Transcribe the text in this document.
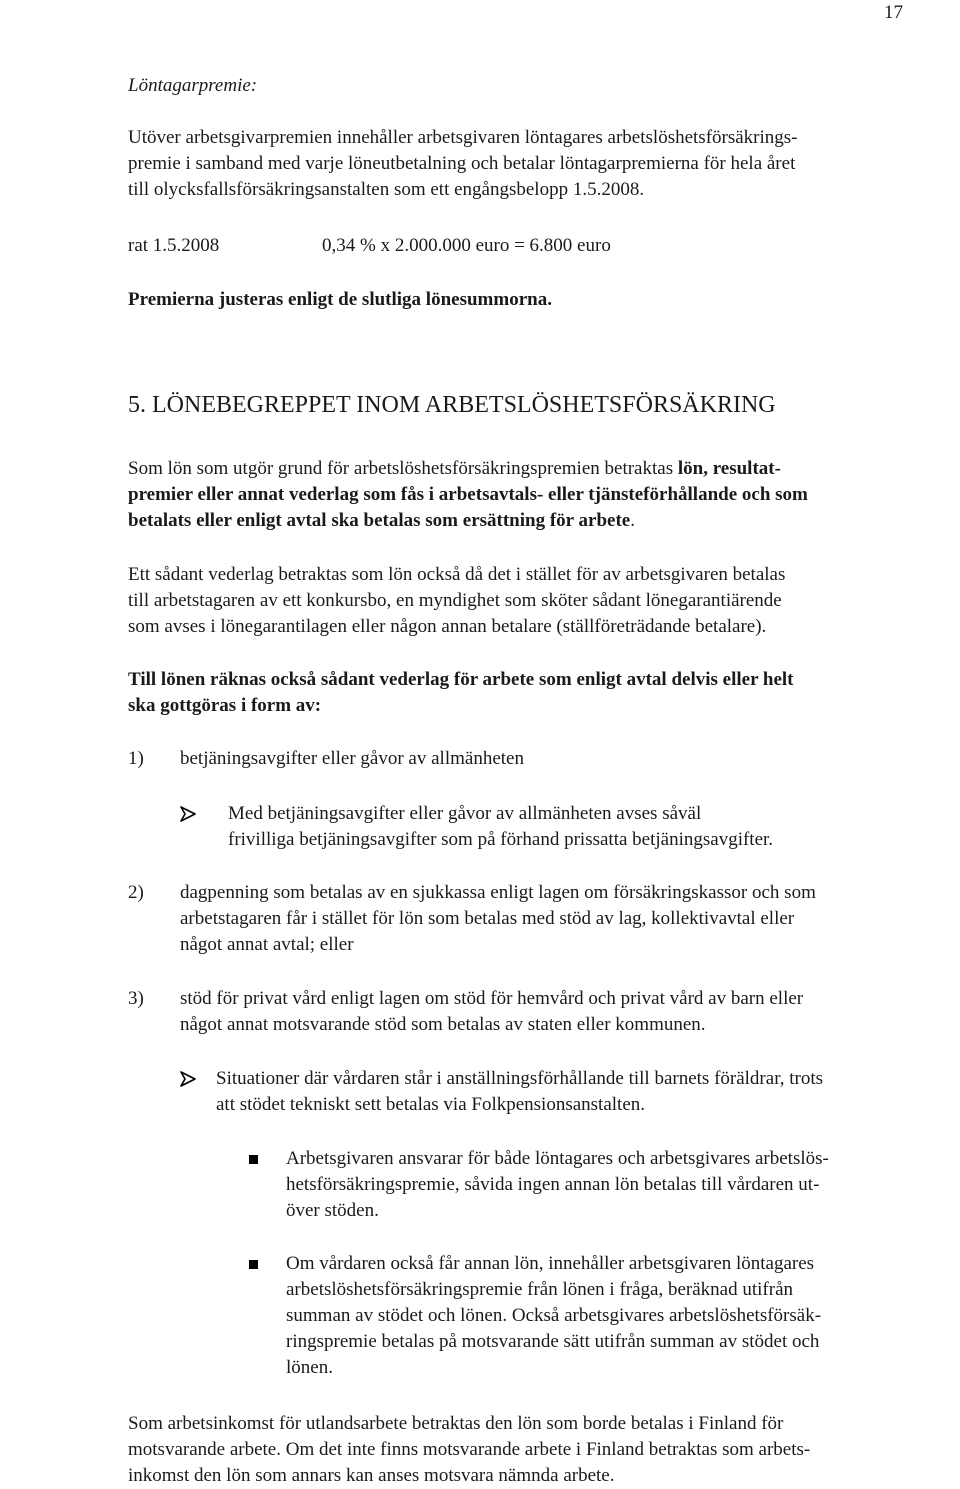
17
Löntagarpremie:
Utöver arbetsgivarpremien innehåller arbetsgivaren löntagares arbetslöshetsförsäkrings-
premie i samband med varje löneutbetalning och betalar löntagarpremierna för hela året
till olycksfallsförsäkringsanstalten som ett engångsbelopp 1.5.2008.
rat 1.5.2008	0,34 % x 2.000.000 euro = 6.800 euro
Premierna justeras enligt de slutliga lönesummorna.
5. LÖNEBEGREPPET INOM ARBETSLÖSHETSFÖRSÄKRING
Som lön som utgör grund för arbetslöshetsförsäkringspremien betraktas lön, resultat-
premier eller annat vederlag som fås i arbetsavtals- eller tjänsteförhållande och som
betalats eller enligt avtal ska betalas som ersättning för arbete.
Ett sådant vederlag betraktas som lön också då det i stället för av arbetsgivaren betalas
till arbetstagaren av ett konkursbo, en myndighet som sköter sådant lönegarantiärende
som avses i lönegarantilagen eller någon annan betalare (ställföreträdande betalare).
Till lönen räknas också sådant vederlag för arbete som enligt avtal delvis eller helt
ska gottgöras i form av:
1) betjäningsavgifter eller gåvor av allmänheten
Med betjäningsavgifter eller gåvor av allmänheten avses såväl
frivilliga betjäningsavgifter som på förhand prissatta betjäningsavgifter.
2) dagpenning som betalas av en sjukkassa enligt lagen om försäkringskassor och som
arbetstagaren får i stället för lön som betalas med stöd av lag, kollektivavtal eller
något annat avtal; eller
3) stöd för privat vård enligt lagen om stöd för hemvård och privat vård av barn eller
något annat motsvarande stöd som betalas av staten eller kommunen.
Situationer där vårdaren står i anställningsförhållande till barnets föräldrar, trots
att stödet tekniskt sett betalas via Folkpensionsanstalten.
Arbetsgivaren ansvarar för både löntagares och arbetsgivares arbetslös-
hetsförsäkringspremie, såvida ingen annan lön betalas till vårdaren ut-
över stöden.
Om vårdaren också får annan lön, innehåller arbetsgivaren löntagares
arbetslöshetsförsäkringspremie från lönen i fråga, beräknad utifrån
summan av stödet och lönen. Också arbetsgivares arbetslöshetsförsäk-
ringspremie betalas på motsvarande sätt utifrån summan av stödet och
lönen.
Som arbetsinkomst för utlandsarbete betraktas den lön som borde betalas i Finland för
motsvarande arbete. Om det inte finns motsvarande arbete i Finland betraktas som arbets-
inkomst den lön som annars kan anses motsvara nämnda arbete.
